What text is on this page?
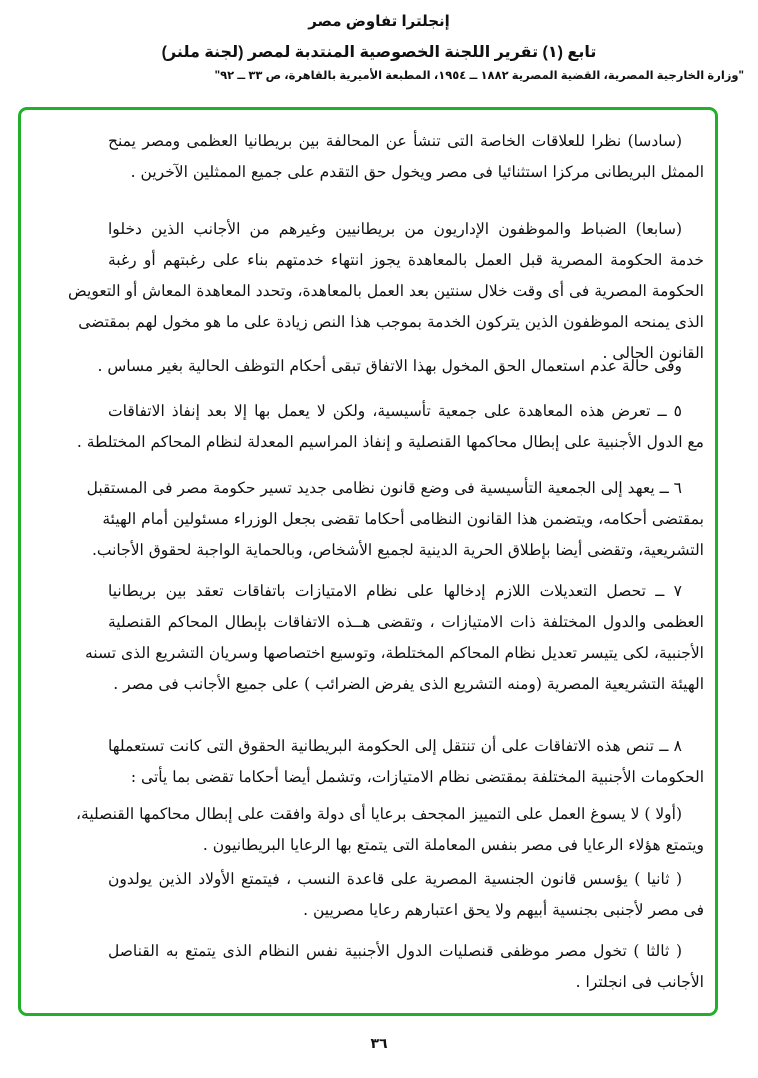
إنجلترا تفاوض مصر
تابع (١) تقرير اللجنة الخصوصية المنتدبة لمصر (لجنة ملنر)
"وزارة الخارجية المصرية، القضية المصرية ١٨٨٢ ــ ١٩٥٤، المطبعة الأميرية بالقاهرة، ص ٣٣ ــ ٩٢"
(سادسا) نظرا للعلاقات الخاصة التى تنشأ عن المحالفة بين بريطانيا العظمى ومصر يمنح
الممثل البريطانى مركزا استثنائيا فى مصر ويخول حق التقدم على جميع الممثلين الآخرين .
(سابعا) الضباط والموظفون الإداريون من بريطانيين وغيرهم من الأجانب الذين دخلوا
خدمة الحكومة المصرية قبل العمل بالمعاهدة يجوز انتهاء خدمتهم بناء على رغبتهم أو رغبة
الحكومة المصرية فى أى وقت خلال سنتين بعد العمل بالمعاهدة، وتحدد المعاهدة المعاش أو التعويض
الذى يمنحه الموظفون الذين يتركون الخدمة بموجب هذا النص زيادة على ما هو مخول لهم بمقتضى
القانون الحالى .
وفى حالة عدم استعمال الحق المخول بهذا الاتفاق تبقى أحكام التوظف الحالية بغير مساس .
٥ ــ تعرض هذه المعاهدة على جمعية تأسيسية، ولكن لا يعمل بها إلا بعد إنفاذ الاتفاقات
مع الدول الأجنبية على إبطال محاكمها القنصلية و إنفاذ المراسيم المعدلة لنظام المحاكم المختلطة .
٦ ــ يعهد إلى الجمعية التأسيسية فى وضع قانون نظامى جديد تسير حكومة مصر فى المستقبل
بمقتضى أحكامه، ويتضمن هذا القانون النظامى أحكاما تقضى بجعل الوزراء مسئولين أمام الهيئة
التشريعية، وتقضى أيضا بإطلاق الحرية الدينية لجميع الأشخاص، وبالحماية الواجبة لحقوق الأجانب.
٧ ــ تحصل التعديلات اللازم إدخالها على نظام الامتيازات باتفاقات تعقد بين بريطانيا
العظمى والدول المختلفة ذات الامتيازات ، وتقضى هــذه الاتفاقات بإبطال المحاكم القنصلية
الأجنبية، لكى يتيسر تعديل نظام المحاكم المختلطة، وتوسيع اختصاصها وسريان التشريع الذى تسنه
الهيئة التشريعية المصرية (ومنه التشريع الذى يفرض الضرائب ) على جميع الأجانب فى مصر .
٨ ــ تنص هذه الاتفاقات على أن تنتقل إلى الحكومة البريطانية الحقوق التى كانت تستعملها
الحكومات الأجنبية المختلفة بمقتضى نظام الامتيازات، وتشمل أيضا أحكاما تقضى بما يأتى :
(أولا ) لا يسوغ العمل على التمييز المجحف برعايا أى دولة وافقت على إبطال محاكمها القنصلية،
ويتمتع هؤلاء الرعايا فى مصر بنفس المعاملة التى يتمتع بها الرعايا البريطانيون .
( ثانيا ) يؤسس قانون الجنسية المصرية على قاعدة النسب ، فيتمتع الأولاد الذين يولدون
فى مصر لأجنبى بجنسية أبيهم ولا يحق اعتبارهم رعايا مصريين .
( ثالثا ) تخول مصر موظفى قنصليات الدول الأجنبية نفس النظام الذى يتمتع به القناصل
الأجانب فى انجلترا .
٣٦
